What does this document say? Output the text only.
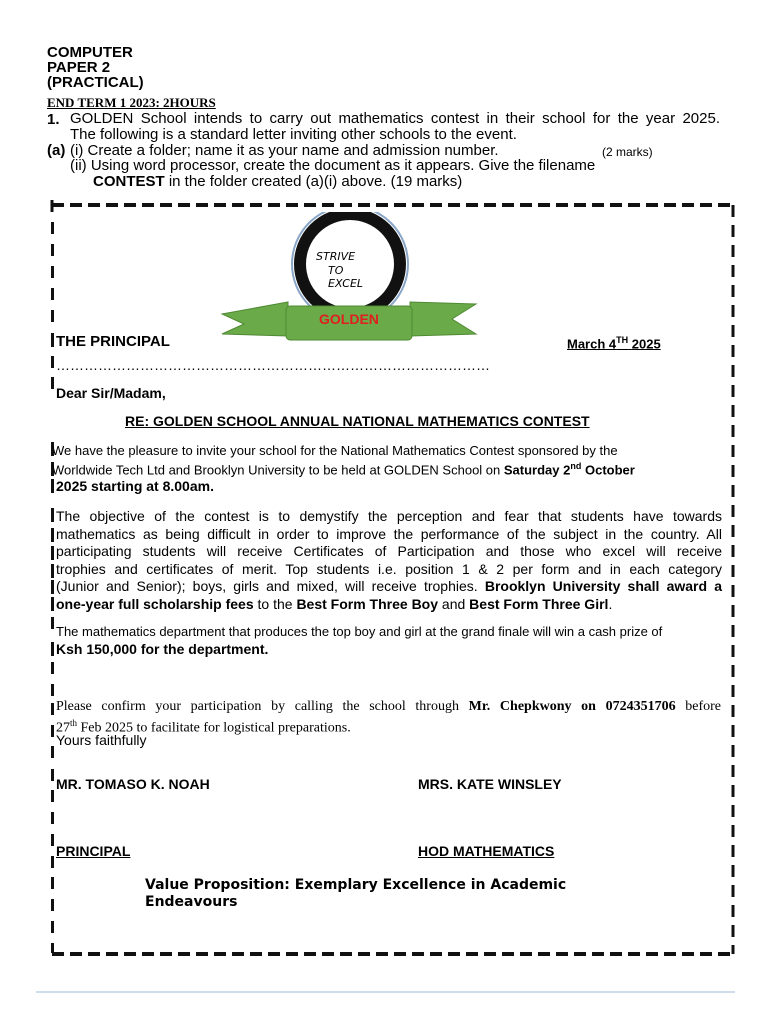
COMPUTER
PAPER 2
(PRACTICAL)
END TERM 1 2023: 2HOURS
1. GOLDEN School intends to carry out mathematics contest in their school for the year 2025.
The following is a standard letter inviting other schools to the event.
(a) (i) Create a folder; name it as your name and admission number.	(2 marks)
(ii) Using word processor, create the document as it appears. Give the filename
CONTEST in the folder created (a)(i) above. (19 marks)
STRIVE
TO
EXCEL
GOLDEN
THE PRINCIPAL	March 4TH 2025
…………………………………………………………………………………
Dear Sir/Madam,
RE: GOLDEN SCHOOL ANNUAL NATIONAL MATHEMATICS CONTEST
We have the pleasure to invite your school for the National Mathematics Contest sponsored by the
Worldwide Tech Ltd and Brooklyn University to be held at GOLDEN School on Saturday 2nd October
2025 starting at 8.00am.
The objective of the contest is to demystify the perception and fear that students have towards
mathematics as being difficult in order to improve the performance of the subject in the country. All
participating students will receive Certificates of Participation and those who excel will receive
trophies and certificates of merit. Top students i.e. position 1 & 2 per form and in each category
(Junior and Senior); boys, girls and mixed, will receive trophies. Brooklyn University shall award a
one-year full scholarship fees to the Best Form Three Boy and Best Form Three Girl.
The mathematics department that produces the top boy and girl at the grand finale will win a cash prize of
Ksh 150,000 for the department.
Please confirm your participation by calling the school through Mr. Chepkwony on 0724351706 before
27th Feb 2025 to facilitate for logistical preparations.
Yours faithfully
MR. TOMASO K. NOAH	MRS. KATE WINSLEY
PRINCIPAL	HOD MATHEMATICS
Value Proposition: Exemplary Excellence in Academic
Endeavours
